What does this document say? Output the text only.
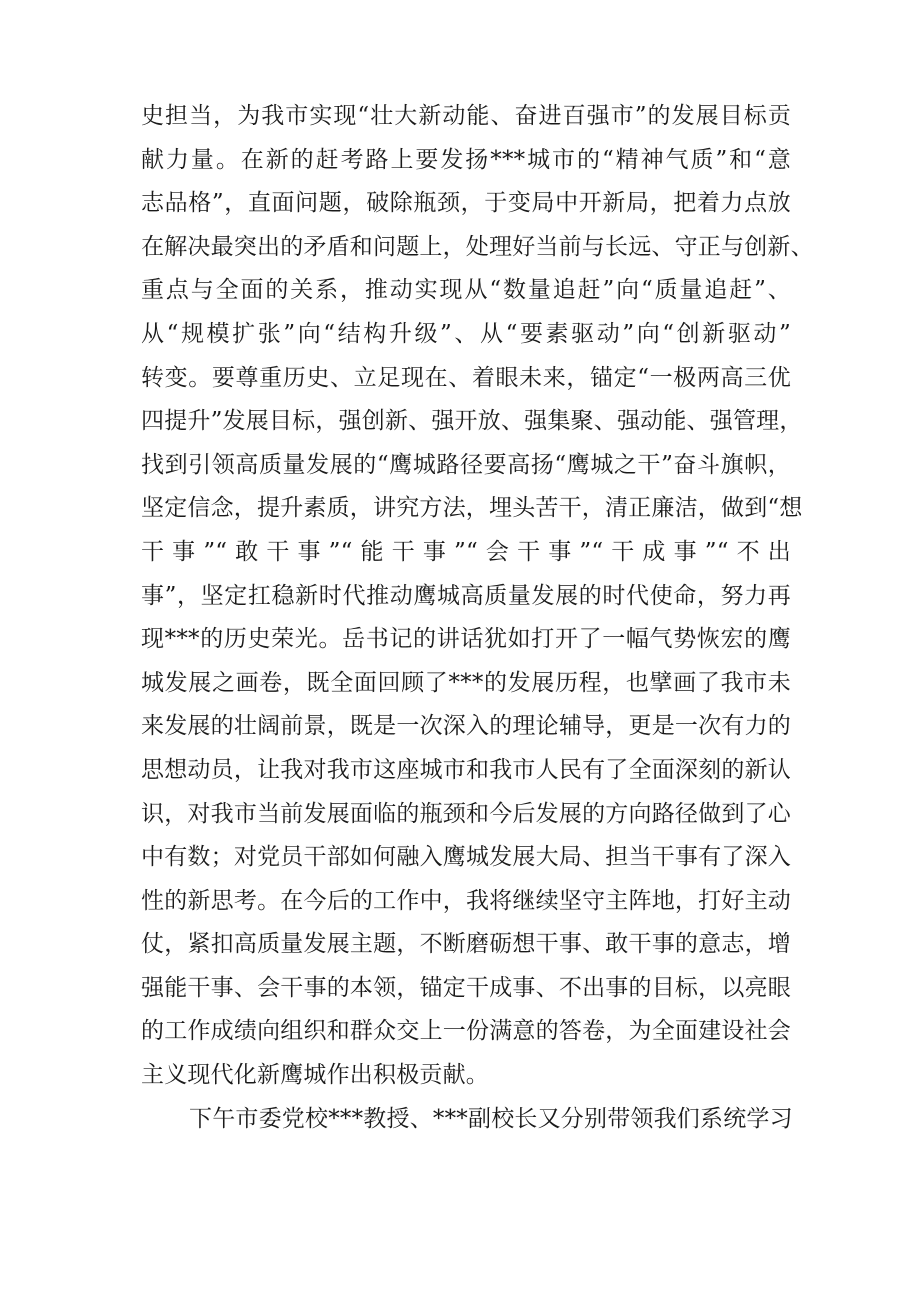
史担当，为我市实现“壮大新动能、奋进百强市”的发展目标贡
献力量。在新的赶考路上要发扬***城市的“精神气质”和“意
志品格”，直面问题，破除瓶颈，于变局中开新局，把着力点放
在解决最突出的矛盾和问题上，处理好当前与长远、守正与创新、
重点与全面的关系，推动实现从“数量追赶”向“质量追赶”、
从“规模扩张”向“结构升级”、从“要素驱动”向“创新驱动”
转变。要尊重历史、立足现在、着眼未来，锚定“一极两高三优
四提升”发展目标，强创新、强开放、强集聚、强动能、强管理，
找到引领高质量发展的“鹰城路径要高扬“鹰城之干”奋斗旗帜，
坚定信念，提升素质，讲究方法，埋头苦干，清正廉洁，做到“想
干事”“敢干事”“能干事”“会干事”“干成事”“不出
事”，坚定扛稳新时代推动鹰城高质量发展的时代使命，努力再
现***的历史荣光。岳书记的讲话犹如打开了一幅气势恢宏的鹰
城发展之画卷，既全面回顾了***的发展历程，也擘画了我市未
来发展的壮阔前景，既是一次深入的理论辅导，更是一次有力的
思想动员，让我对我市这座城市和我市人民有了全面深刻的新认
识，对我市当前发展面临的瓶颈和今后发展的方向路径做到了心
中有数；对党员干部如何融入鹰城发展大局、担当干事有了深入
性的新思考。在今后的工作中，我将继续坚守主阵地，打好主动
仗，紧扣高质量发展主题，不断磨砺想干事、敢干事的意志，增
强能干事、会干事的本领，锚定干成事、不出事的目标，以亮眼
的工作成绩向组织和群众交上一份满意的答卷，为全面建设社会
主义现代化新鹰城作出积极贡献。
下午市委党校***教授、***副校长又分别带领我们系统学习
